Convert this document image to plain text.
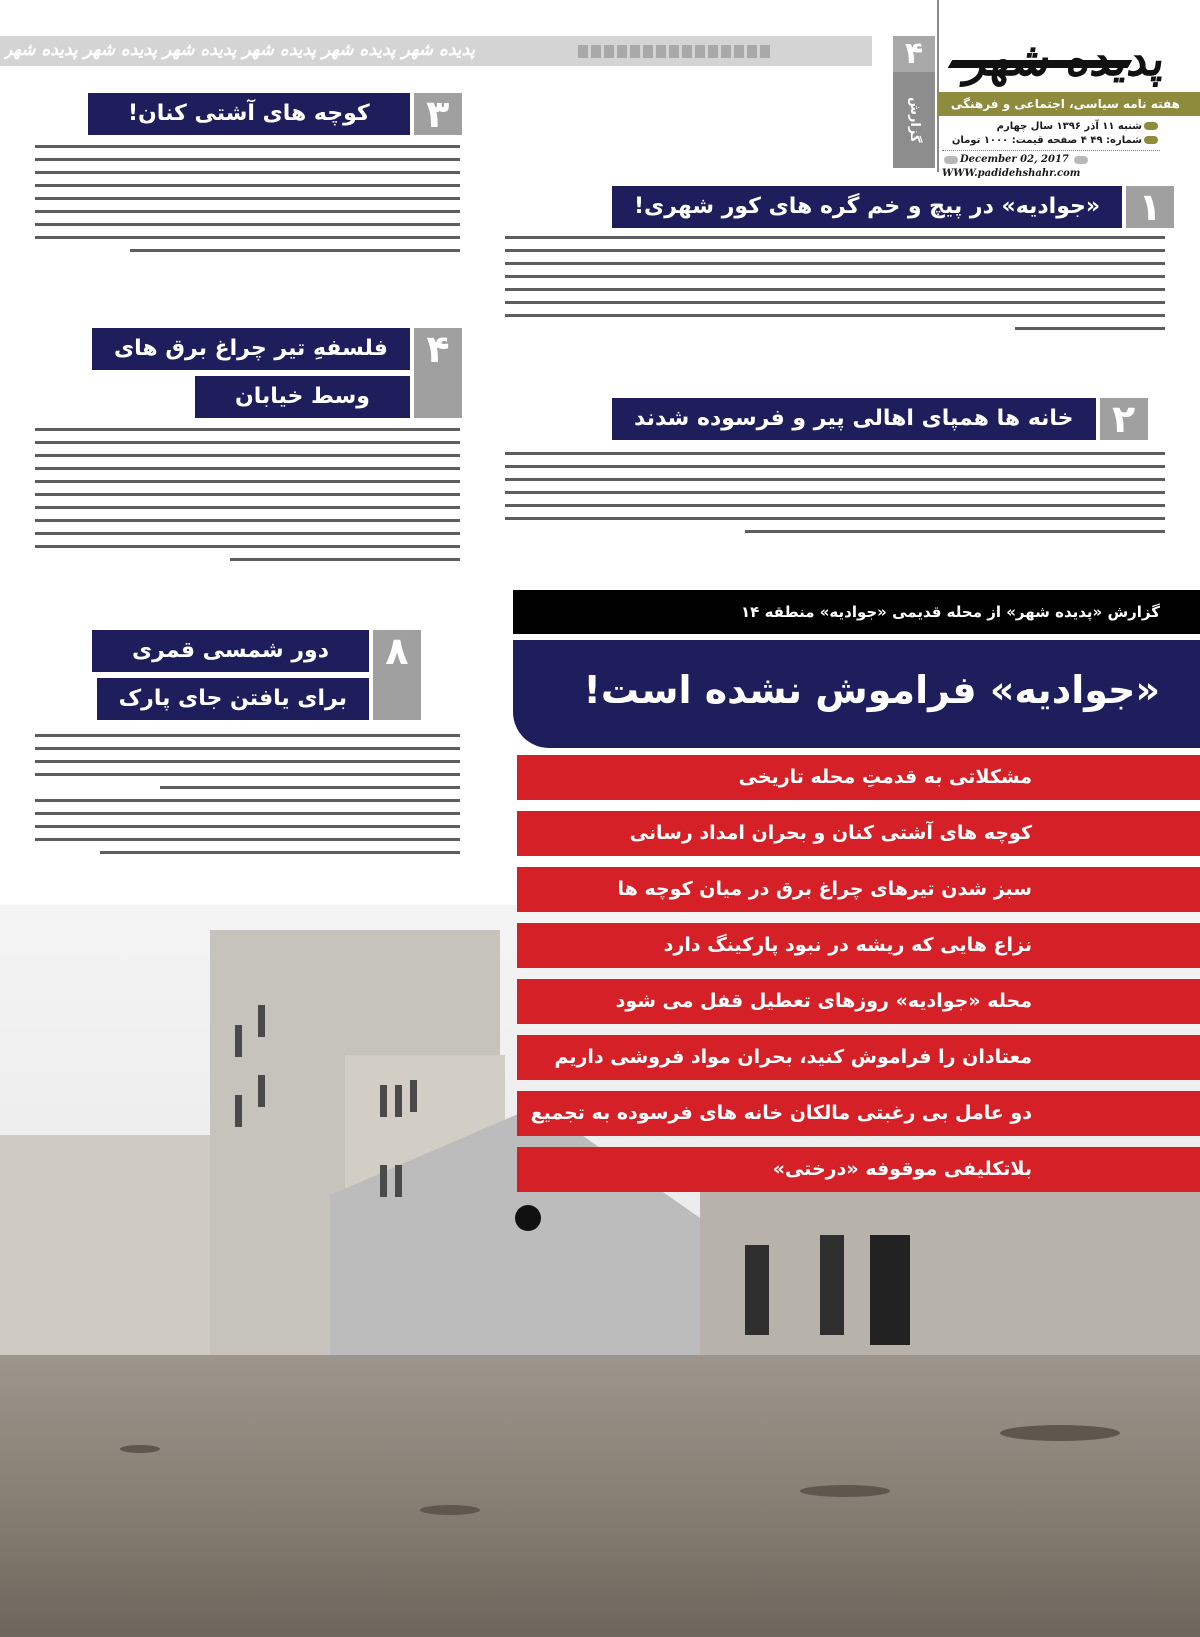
پدیده شهر پدیده شهر پدیده شهر پدیده شهر پدیده شهر پدیده شهر	۴
گزارش
پدیده شهر
هفته نامه سیاسی، اجتماعی و فرهنگی
شنبه ۱۱ آذر ۱۳۹۶ سال چهارم
شماره: ۴۹ ۴ صفحه قیمت: ۱۰۰۰ تومان
December 02, 2017 WWW.padidehshahr.com
۱
«جوادیه» در پیچ و خم گره های کور شهری!
۲
خانه ها همپای اهالی پیر و فرسوده شدند
۳
کوچه های آشتی کنان!
۴
فلسفهِ تیر چراغ برق های
وسط خیابان
۸
دور شمسی قمری
برای یافتن جای پارک
گزارش «پدیده شهر» از محله قدیمی «جوادیه» منطقه ۱۴
«جوادیه» فراموش نشده است!
مشکلاتی به قدمتِ محله تاریخی
کوچه های آشتی کنان و بحران امداد رسانی
سبز شدن تیرهای چراغ برق در میان کوچه ها
نزاع هایی که ریشه در نبود پارکینگ دارد
محله «جوادیه» روزهای تعطیل قفل می شود
معتادان را فراموش کنید، بحران مواد فروشی داریم
دو عامل بی رغبتی مالکان خانه های فرسوده به تجمیع
بلاتکلیفی موقوفه «درختی»
